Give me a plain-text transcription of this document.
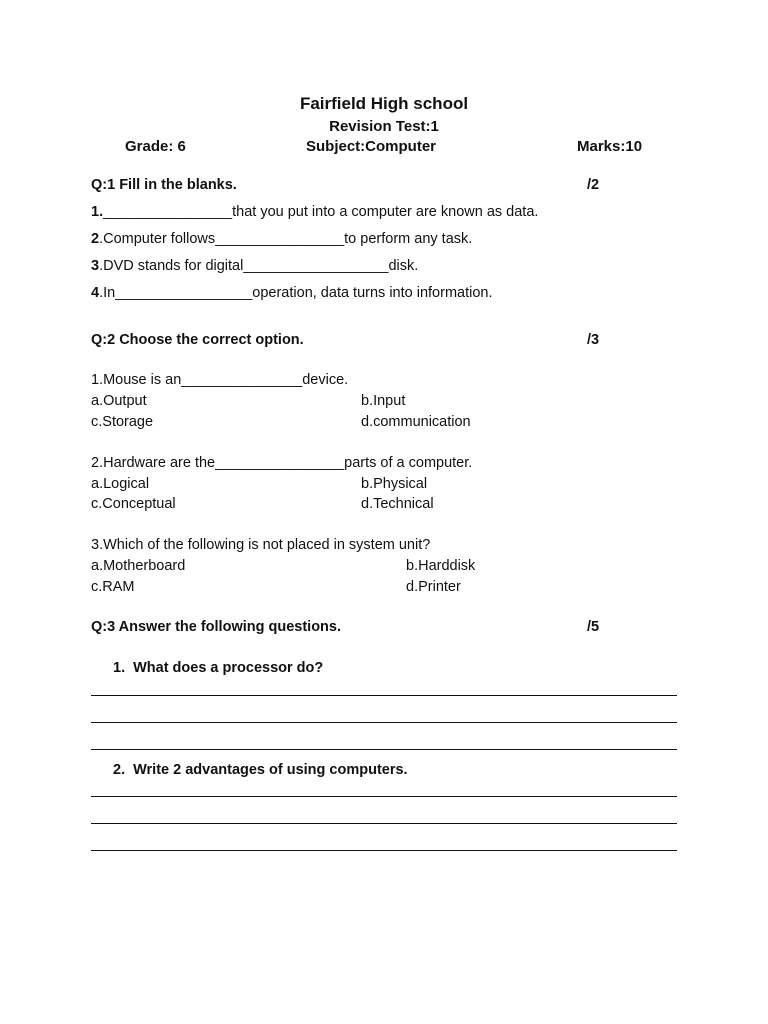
Fairfield High school
Revision Test:1
Grade: 6	Subject:Computer	Marks:10
Q:1 Fill in the blanks.	/2
1.________________that you put into a computer are known as data.
2.Computer follows________________to perform any task.
3.DVD stands for digital__________________disk.
4.In_________________operation, data turns into information.
Q:2 Choose the correct option.	/3
1.Mouse is an_______________device.
a.Output	b.Input
c.Storage	d.communication
2.Hardware are the________________parts of a computer.
a.Logical	b.Physical
c.Conceptual	d.Technical
3.Which of the following is not placed in system unit?
a.Motherboard	b.Harddisk
c.RAM	d.Printer
Q:3 Answer the following questions.	/5
1. What does a processor do?
2. Write 2 advantages of using computers.
